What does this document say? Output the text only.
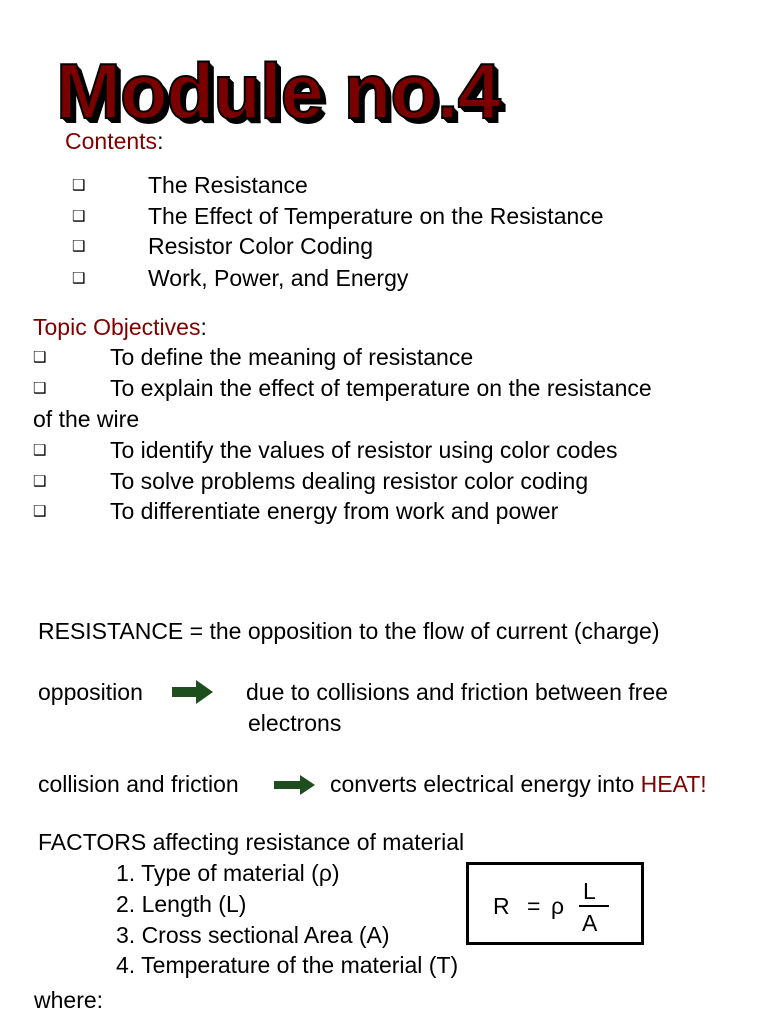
Module no.4
Contents:
❑	The Resistance
❑	The Effect of Temperature on the Resistance
❑	Resistor Color Coding
❑	Work, Power, and Energy
Topic Objectives:
❑	To define the meaning of resistance
❑	To explain the effect of temperature on the resistance
of the wire
❑	To identify the values of resistor using color codes
❑	To solve problems dealing resistor color coding
❑	To differentiate energy from work and power
RESISTANCE = the opposition to the flow of current (charge)
opposition	due to collisions and friction between free
electrons
collision and friction	converts electrical energy into HEAT!
FACTORS affecting resistance of material
1. Type of material (ρ)
2. Length (L)
3. Cross sectional Area (A)
4. Temperature of the material (T)
R = ρ
L
A
where:
